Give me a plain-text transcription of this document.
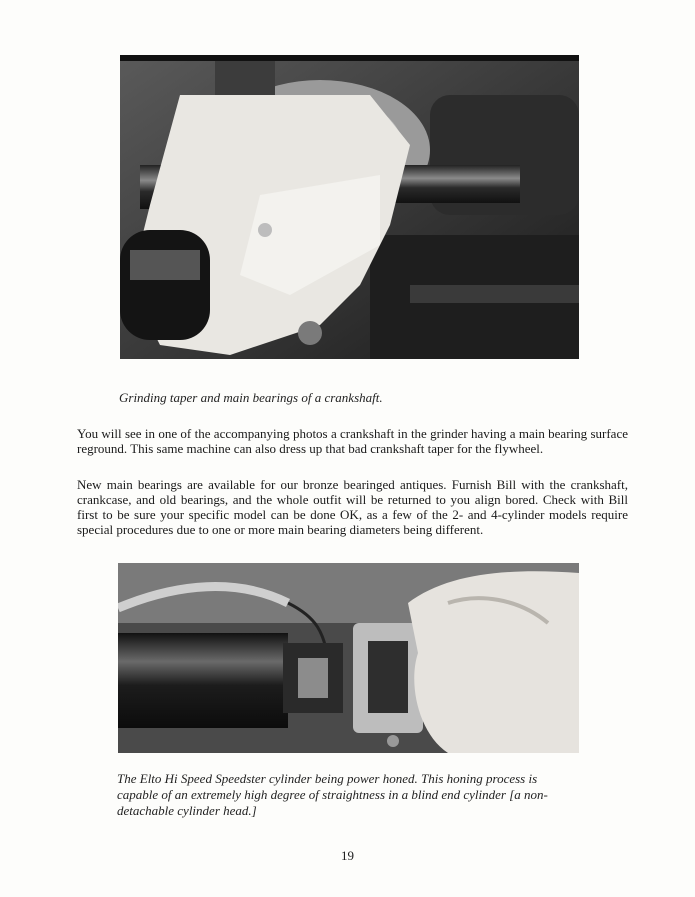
Grinding taper and main bearings of a crankshaft.

You will see in one of the accompanying photos a crankshaft in the grinder having a main bearing surface reground. This same machine can also dress up that bad crankshaft taper for the flywheel.

New main bearings are available for our bronze bearinged antiques. Furnish Bill with the crankshaft, crankcase, and old bearings, and the whole outfit will be returned to you align bored. Check with Bill first to be sure your specific model can be done OK, as a few of the 2- and 4-cylinder models require special procedures due to one or more main bearing diameters being different.

The Elto Hi Speed Speedster cylinder being power honed. This honing process is capable of an extremely high degree of straightness in a blind end cylinder [a non-detachable cylinder head.]

19
